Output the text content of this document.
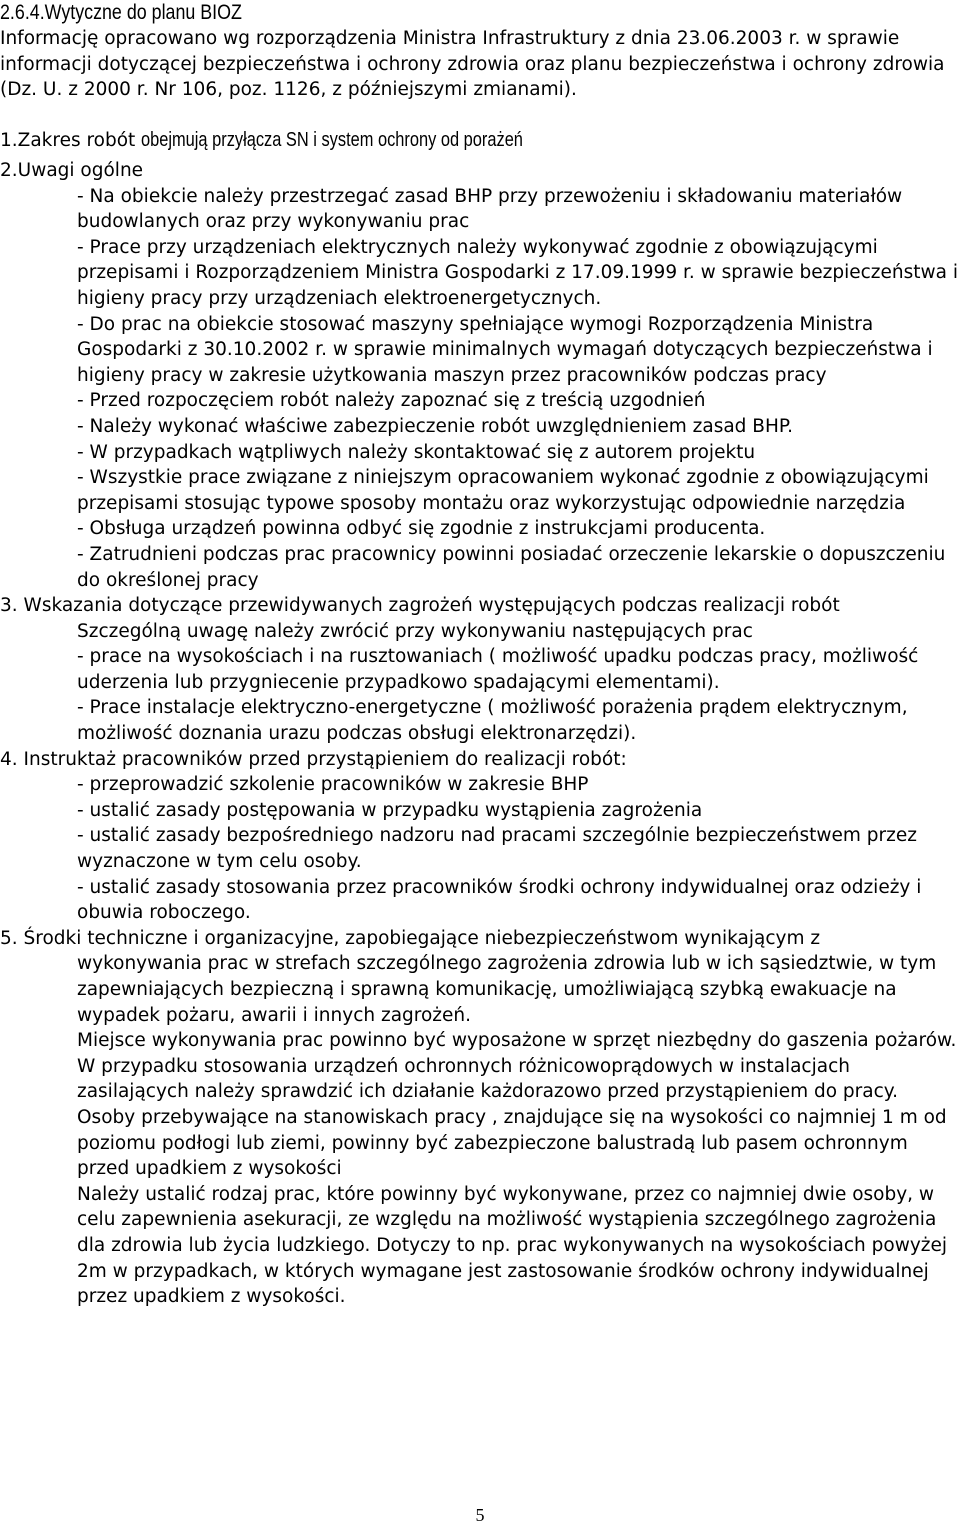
2.6.4.Wytyczne do planu BIOZ
Informację opracowano wg rozporządzenia Ministra Infrastruktury z dnia 23.06.2003 r. w sprawie informacji dotyczącej bezpieczeństwa i ochrony zdrowia oraz planu bezpieczeństwa i ochrony zdrowia (Dz. U. z 2000 r. Nr 106, poz. 1126, z późniejszymi zmianami).
1.Zakres robót obejmują przyłącza SN i system ochrony od porażeń
2.Uwagi ogólne
- Na obiekcie należy przestrzegać zasad BHP przy przewożeniu i składowaniu materiałów budowlanych oraz przy wykonywaniu prac
- Prace przy urządzeniach elektrycznych należy wykonywać zgodnie z obowiązującymi przepisami i Rozporządzeniem Ministra Gospodarki z 17.09.1999 r. w sprawie bezpieczeństwa i higieny pracy przy urządzeniach elektroenergetycznych.
- Do prac na obiekcie stosować maszyny spełniające wymogi Rozporządzenia Ministra Gospodarki z 30.10.2002 r. w sprawie minimalnych wymagań dotyczących bezpieczeństwa i higieny pracy w zakresie użytkowania maszyn przez pracowników podczas pracy
- Przed rozpoczęciem robót należy zapoznać się z treścią uzgodnień
- Należy wykonać właściwe zabezpieczenie robót uwzględnieniem zasad BHP.
- W przypadkach wątpliwych należy skontaktować się z autorem projektu
- Wszystkie prace związane z niniejszym opracowaniem wykonać zgodnie z obowiązującymi przepisami stosując typowe sposoby montażu oraz wykorzystując odpowiednie narzędzia
- Obsługa urządzeń powinna odbyć się zgodnie z instrukcjami producenta.
- Zatrudnieni podczas prac pracownicy powinni posiadać orzeczenie lekarskie o dopuszczeniu do określonej pracy
3. Wskazania dotyczące przewidywanych zagrożeń występujących podczas realizacji robót
Szczególną uwagę należy zwrócić przy wykonywaniu następujących prac
- prace na wysokościach i na rusztowaniach ( możliwość upadku podczas pracy, możliwość uderzenia lub przygniecenie przypadkowo spadającymi elementami).
- Prace instalacje elektryczno-energetyczne ( możliwość porażenia prądem elektrycznym, możliwość doznania urazu podczas obsługi elektronarzędzi).
4. Instruktaż pracowników przed przystąpieniem do realizacji robót:
- przeprowadzić szkolenie pracowników w zakresie BHP
- ustalić zasady postępowania w przypadku wystąpienia zagrożenia
- ustalić zasady bezpośredniego nadzoru nad pracami szczególnie bezpieczeństwem przez wyznaczone w tym celu osoby.
- ustalić zasady stosowania przez pracowników środki ochrony indywidualnej oraz odzieży i obuwia roboczego.
5. Środki techniczne i organizacyjne, zapobiegające niebezpieczeństwom wynikającym z
wykonywania prac w strefach szczególnego zagrożenia zdrowia lub w ich sąsiedztwie, w tym zapewniających bezpieczną i sprawną komunikację, umożliwiającą szybką ewakuacje na wypadek pożaru, awarii i innych zagrożeń.
Miejsce wykonywania prac powinno być wyposażone w sprzęt niezbędny do gaszenia pożarów.
W przypadku stosowania urządzeń ochronnych różnicowoprądowych w instalacjach zasilających należy sprawdzić ich działanie każdorazowo przed przystąpieniem do pracy.
Osoby przebywające na stanowiskach pracy , znajdujące się na wysokości co najmniej 1 m od poziomu podłogi lub ziemi, powinny być zabezpieczone balustradą lub pasem ochronnym przed upadkiem z wysokości
Należy ustalić rodzaj prac, które powinny być wykonywane, przez co najmniej dwie osoby, w celu zapewnienia asekuracji, ze względu na możliwość wystąpienia szczególnego zagrożenia dla zdrowia lub życia ludzkiego. Dotyczy to np. prac wykonywanych na wysokościach powyżej 2m w przypadkach, w których wymagane jest zastosowanie środków ochrony indywidualnej przez upadkiem z wysokości.
5
